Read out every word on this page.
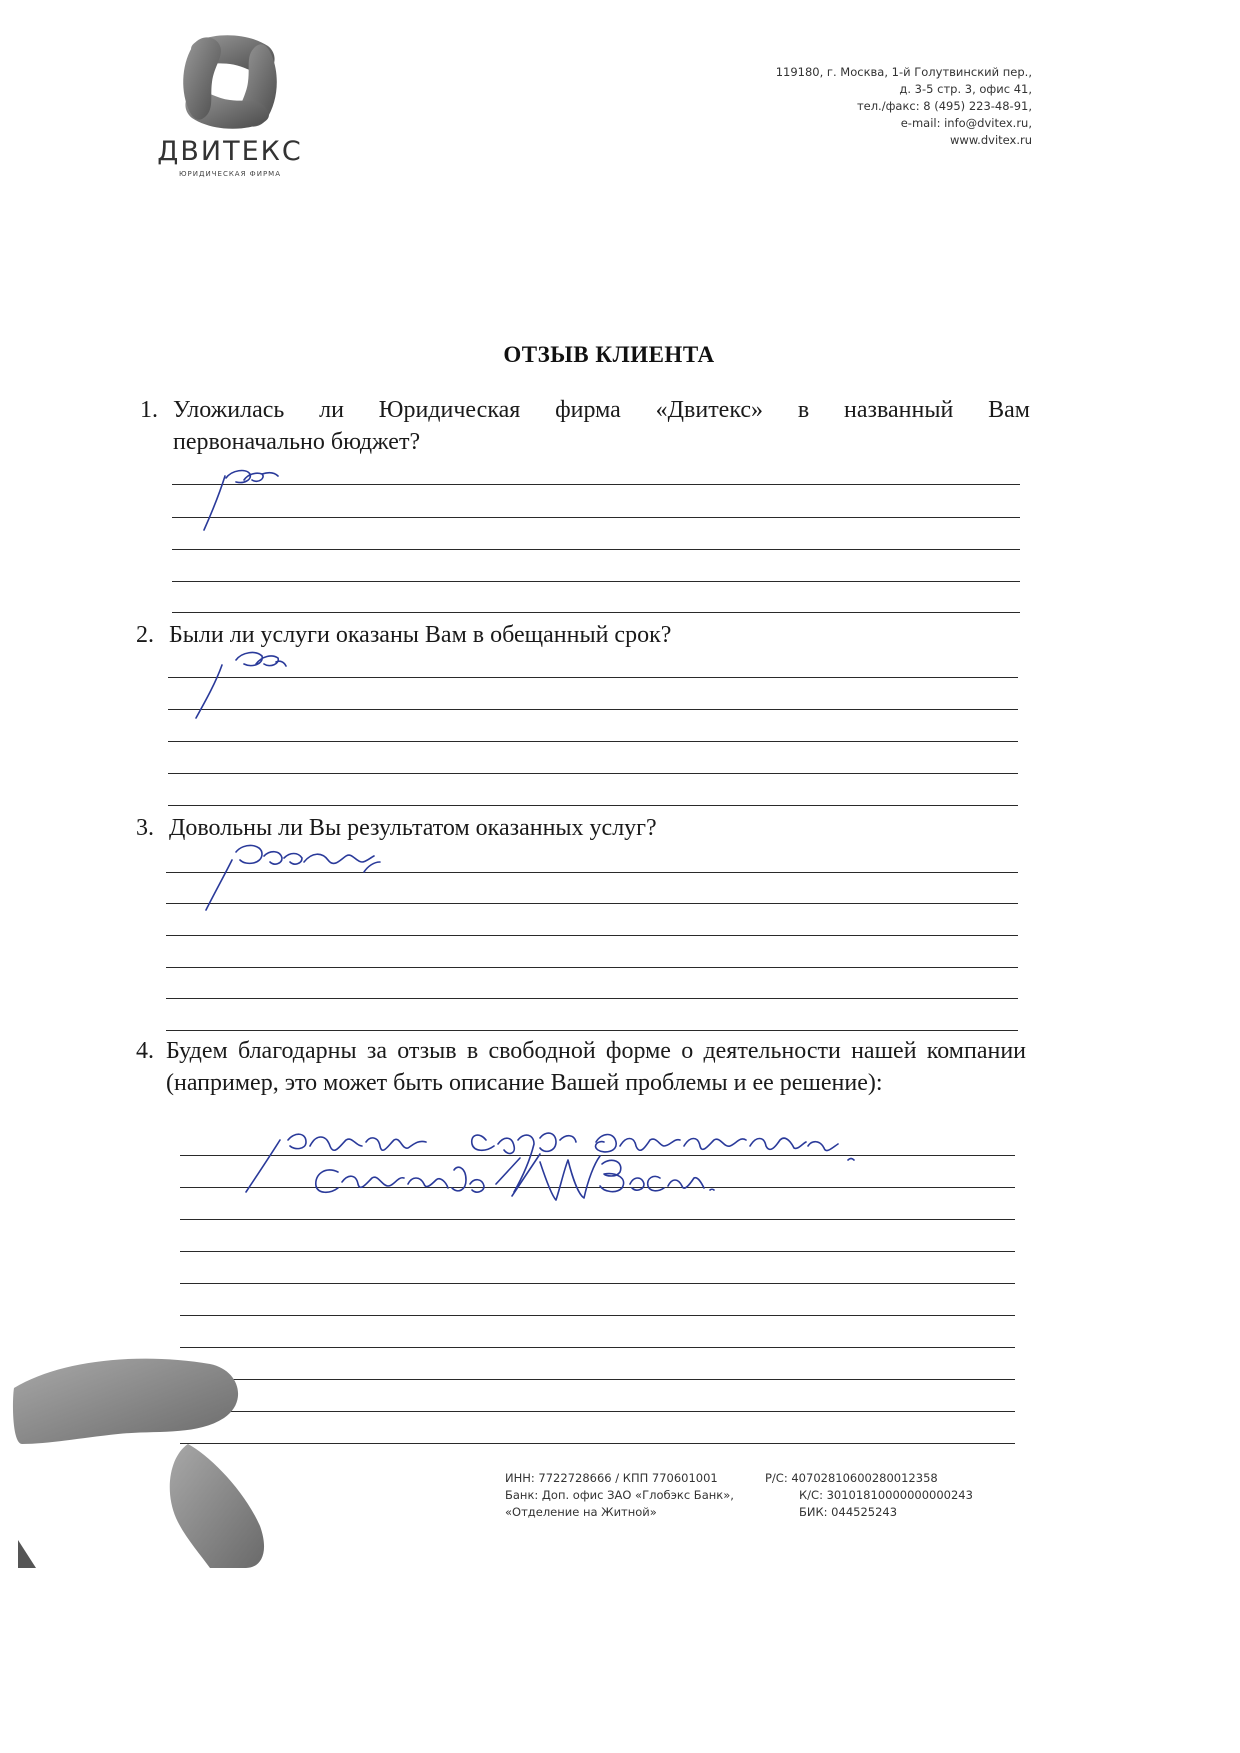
ДВИТЕКС
ЮРИДИЧЕСКАЯ ФИРМА
119180, г. Москва, 1-й Голутвинский пер.,
д. 3-5 стр. 3, офис 41,
тел./факс: 8 (495) 223-48-91,
e-mail: info@dvitex.ru,
www.dvitex.ru
ОТЗЫВ КЛИЕНТА
1. Уложилась ли Юридическая фирма «Двитекс» в названный Вам
первоначально бюджет?
2. Были ли услуги оказаны Вам в обещанный срок?
3. Довольны ли Вы результатом оказанных услуг?
4. Будем благодарны за отзыв в свободной форме о деятельности нашей компании (например, это может быть описание Вашей проблемы и ее решение):
ИНН: 7722728666 / КПП 770601001
Банк: Доп. офис ЗАО «Глобэкс Банк»,
«Отделение на Житной»
Р/С: 40702810600280012358
К/С: 30101810000000000243
БИК: 044525243
